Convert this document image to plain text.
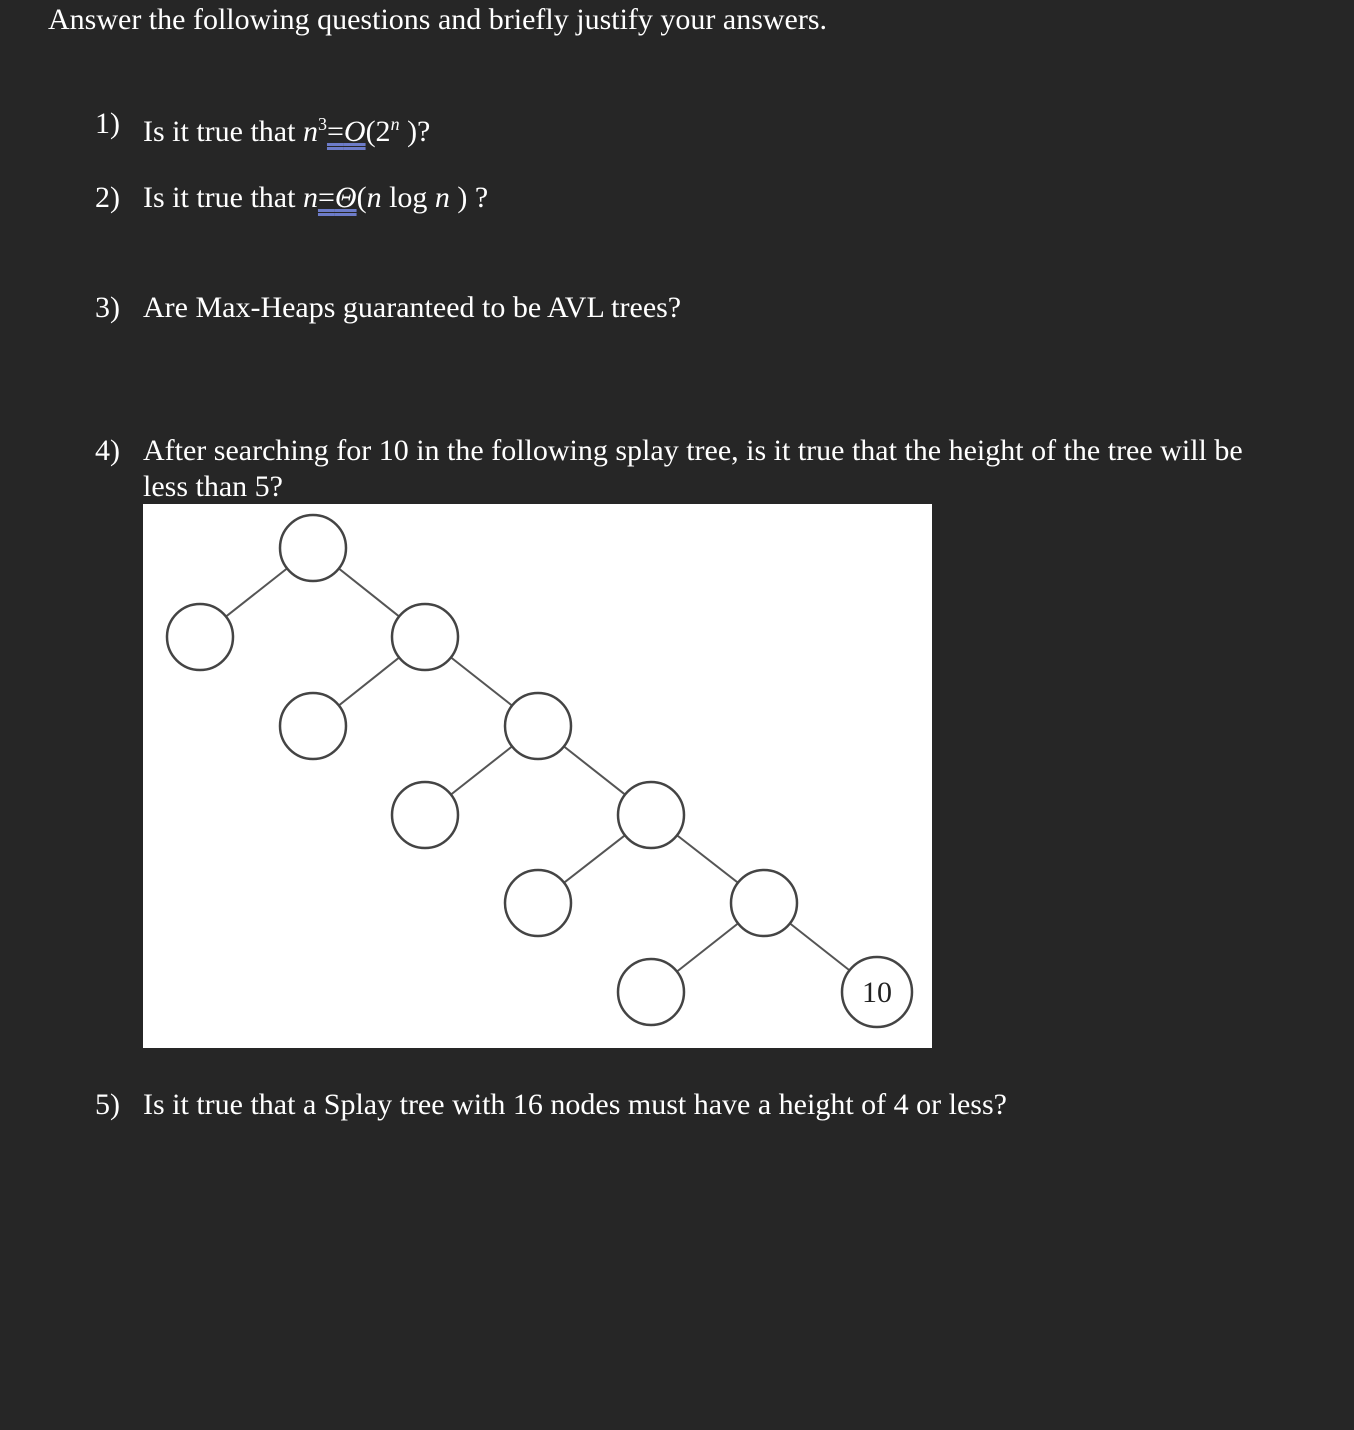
Answer the following questions and briefly justify your answers.

1) Is it true that $n^3=O(2^n$ )?
2) Is it true that n=Θ(n log n ) ?
3) Are Max-Heaps guaranteed to be AVL trees?
4) After searching for 10 in the following splay tree, is it true that the height of the tree will be less than 5?
10
5) Is it true that a Splay tree with 16 nodes must have a height of 4 or less?
